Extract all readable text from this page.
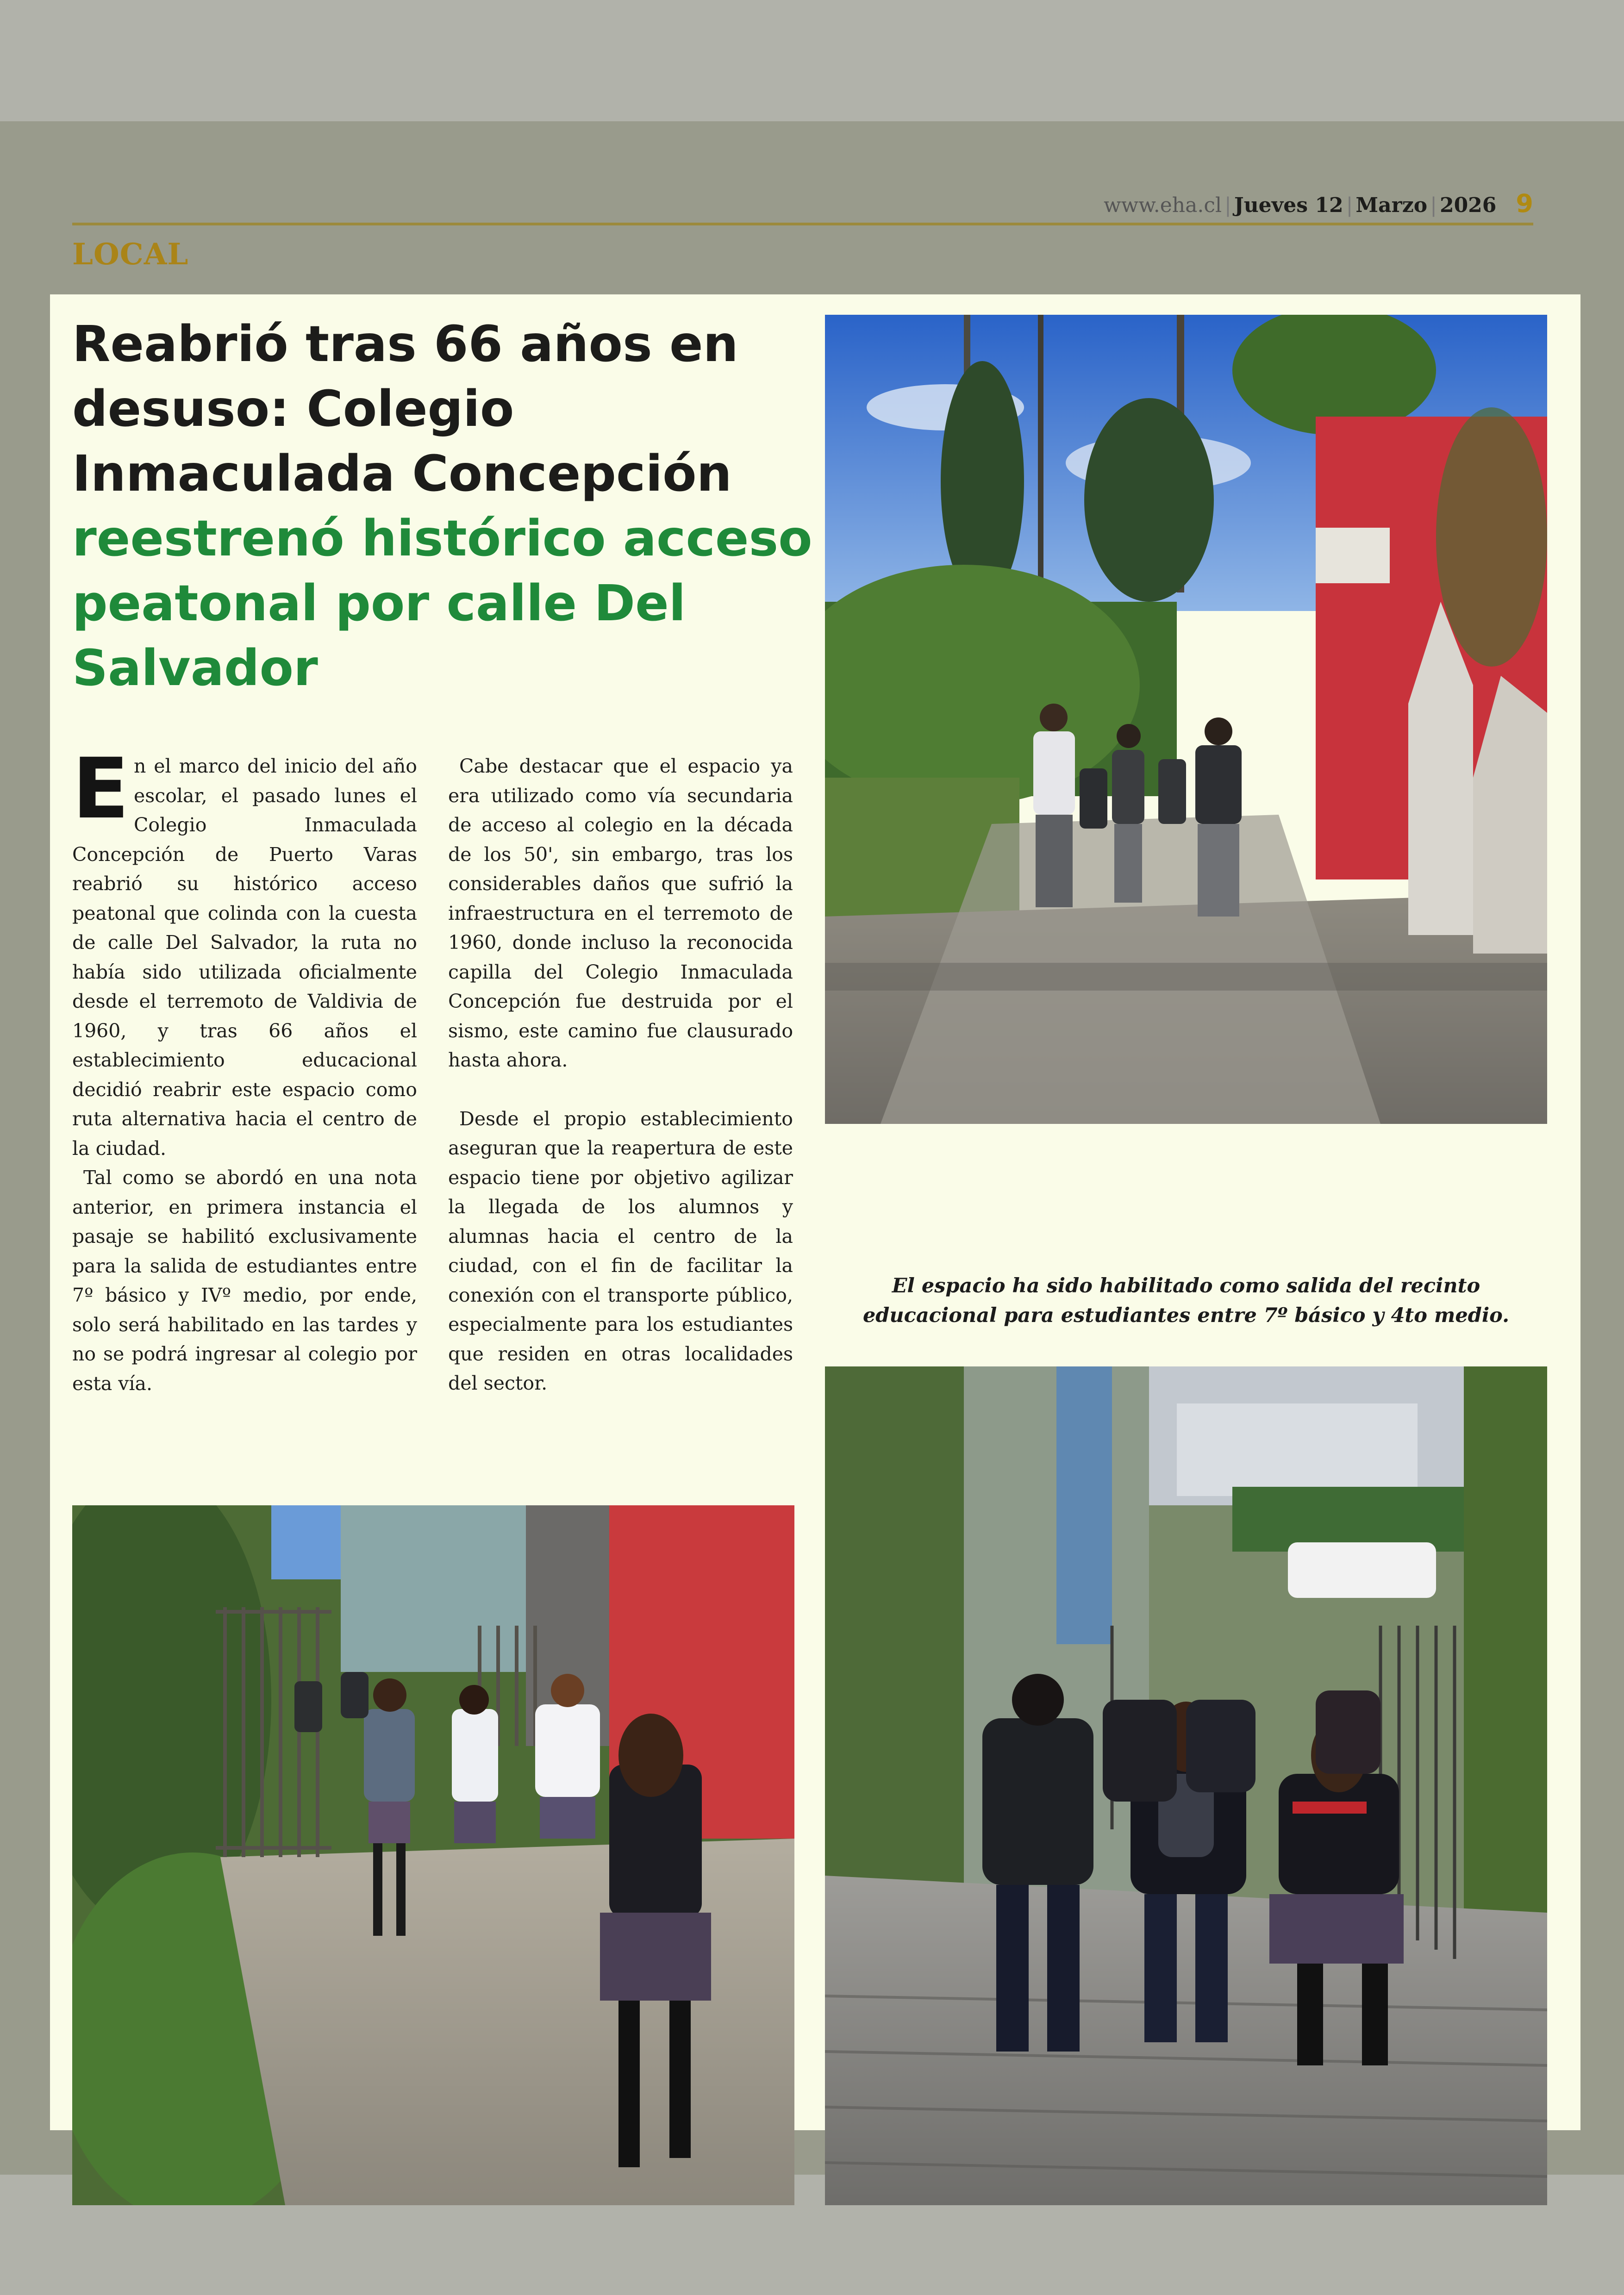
www.eha.cl | Jueves 12 | Marzo | 2026 9
LOCAL
Reabrió tras 66 años en desuso: Colegio Inmaculada Concepción reestrenó histórico acceso peatonal por calle Del Salvador

En el marco del inicio del año escolar, el pasado lunes el Colegio Inmaculada Concepción de Puerto Varas reabrió su histórico acceso peatonal que colinda con la cuesta de calle Del Salvador, la ruta no había sido utilizada oficialmente desde el terremoto de Valdivia de 1960, y tras 66 años el establecimiento educacional decidió reabrir este espacio como ruta alternativa hacia el centro de la ciudad.

Tal como se abordó en una nota anterior, en primera instancia el pasaje se habilitó exclusivamente para la salida de estudiantes entre 7º básico y IVº medio, por ende, solo será habilitado en las tardes y no se podrá ingresar al colegio por esta vía.

Cabe destacar que el espacio ya era utilizado como vía secundaria de acceso al colegio en la década de los 50', sin embargo, tras los considerables daños que sufrió la infraestructura en el terremoto de 1960, donde incluso la reconocida capilla del Colegio Inmaculada Concepción fue destruida por el sismo, este camino fue clausurado hasta ahora.

Desde el propio establecimiento aseguran que la reapertura de este espacio tiene por objetivo agilizar la llegada de los alumnos y alumnas hacia el centro de la ciudad, con el fin de facilitar la conexión con el transporte público, especialmente para los estudiantes que residen en otras localidades del sector.

El espacio ha sido habilitado como salida del recinto educacional para estudiantes entre 7º básico y 4to medio.
